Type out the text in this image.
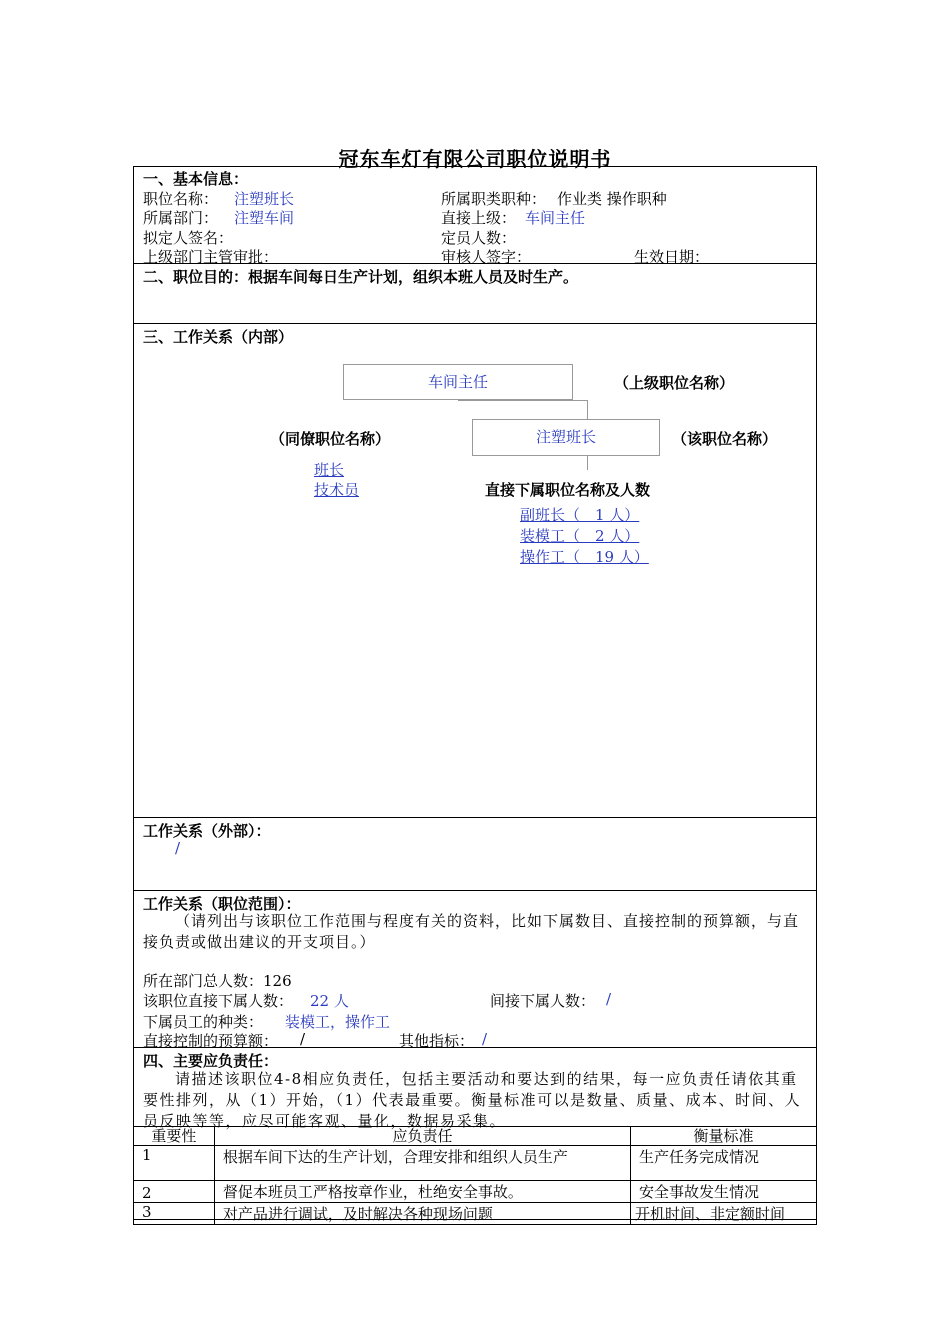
冠东车灯有限公司职位说明书
一、基本信息：
职位名称： 注塑班长	所属职类职种： 作业类 操作职种
所属部门： 注塑车间	直接上级： 车间主任
拟定人签名：	定员人数：
上级部门主管审批：	审核人签字：	生效日期：
二、职位目的：根据车间每日生产计划，组织本班人员及时生产。
三、工作关系（内部）
车间主任	（上级职位名称）
注塑班长	（该职位名称）
（同僚职位名称）
班长
技术员	直接下属职位名称及人数
副班长（　1 人）
装模工（　2 人）
操作工（　19 人）
工作关系（外部）：
/
工作关系（职位范围）：
（请列出与该职位工作范围与程度有关的资料，比如下属数目、直接控制的预算额，与直接负责或做出建议的开支项目。）
所在部门总人数：126
该职位直接下属人数： 22 人	间接下属人数： /
下属员工的种类： 装模工，操作工
直接控制的预算额： /	其他指标： /
四、主要应负责任：
请描述该职位4-8相应负责任，包括主要活动和要达到的结果，每一应负责任请依其重要性排列，从（1）开始，（1）代表最重要。衡量标准可以是数量、质量、成本、时间、人员反映等等，应尽可能客观、量化，数据易采集。
重要性	应负责任	衡量标准
1	根据车间下达的生产计划，合理安排和组织人员生产	生产任务完成情况
2	督促本班员工严格按章作业，杜绝安全事故。	安全事故发生情况
3	对产品进行调试，及时解决各种现场问题	开机时间、非定额时间
